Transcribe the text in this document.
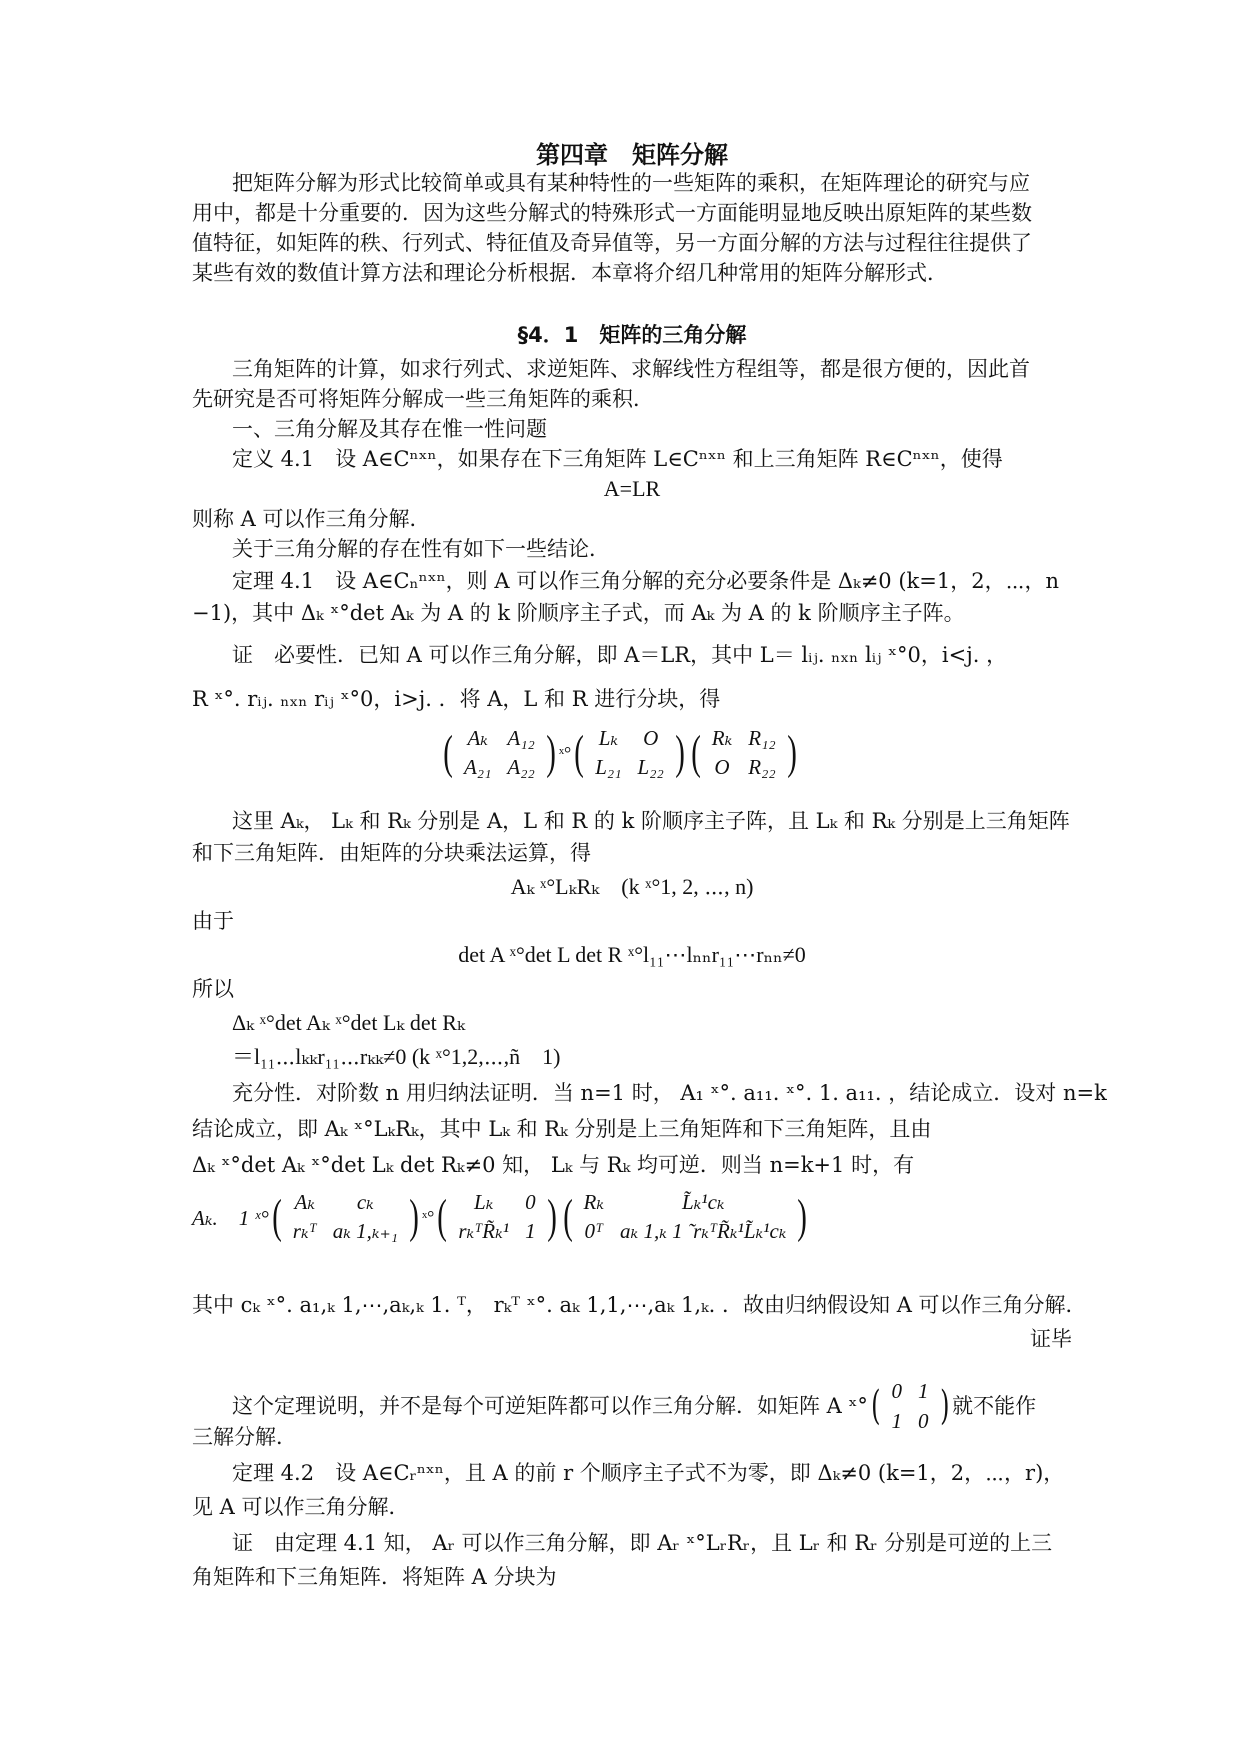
第四章　矩阵分解
把矩阵分解为形式比较简单或具有某种特性的一些矩阵的乘积，在矩阵理论的研究与应
用中，都是十分重要的．因为这些分解式的特殊形式一方面能明显地反映出原矩阵的某些数
值特征，如矩阵的秩、行列式、特征值及奇异值等，另一方面分解的方法与过程往往提供了
某些有效的数值计算方法和理论分析根据．本章将介绍几种常用的矩阵分解形式．
§4．1　矩阵的三角分解
三角矩阵的计算，如求行列式、求逆矩阵、求解线性方程组等，都是很方便的，因此首
先研究是否可将矩阵分解成一些三角矩阵的乘积．
一、三角分解及其存在惟一性问题
定义 4.1　设 A∈Cⁿˣⁿ，如果存在下三角矩阵 L∈Cⁿˣⁿ 和上三角矩阵 R∈Cⁿˣⁿ，使得
A=LR
则称 A 可以作三角分解．
关于三角分解的存在性有如下一些结论．
定理 4.1　设 A∈Cₙⁿˣⁿ，则 A 可以作三角分解的充分必要条件是 Δₖ≠0 (k=1，2，⋯，n
−1)，其中 Δₖ ˣ°det Aₖ 为 A 的 k 阶顺序主子式，而 Aₖ 为 A 的 k 阶顺序主子阵。
证　必要性．已知 A 可以作三角分解，即 A＝LR，其中 L＝ lᵢⱼ. ₙₓₙ lᵢⱼ ˣ°0，i<j. ，
R ˣ°. rᵢⱼ. ₙₓₙ rᵢⱼ ˣ°0，i>j. ．将 A，L 和 R 进行分块，得
( Aₖ	A₁₂
A₂₁	A₂₂ ) ˣ° ( Lₖ	O
L₂₁	L₂₂ ) ( Rₖ	R₁₂
O	R₂₂ )
这里 Aₖ， Lₖ 和 Rₖ 分别是 A，L 和 R 的 k 阶顺序主子阵，且 Lₖ 和 Rₖ 分别是上三角矩阵
和下三角矩阵．由矩阵的分块乘法运算，得
Aₖ ˣ°LₖRₖ　(k ˣ°1, 2, ⋯, n)
由于
det A ˣ°det L det R ˣ°l₁₁⋯lₙₙr₁₁⋯rₙₙ≠0
所以
Δₖ ˣ°det Aₖ ˣ°det Lₖ det Rₖ
＝l₁₁⋯lₖₖr₁₁⋯rₖₖ≠0 (k ˣ°1,2,⋯,ñ　1)
充分性．对阶数 n 用归纳法证明．当 n=1 时， A₁ ˣ°. a₁₁. ˣ°. 1. a₁₁. ，结论成立．设对 n=k
结论成立，即 Aₖ ˣ°LₖRₖ，其中 Lₖ 和 Rₖ 分别是上三角矩阵和下三角矩阵，且由
Δₖ ˣ°det Aₖ ˣ°det Lₖ det Rₖ≠0 知， Lₖ 与 Rₖ 均可逆．则当 n=k+1 时，有
Aₖ.　1 ˣ° ( Aₖ	cₖ
rₖᵀ	aₖ 1,ₖ₊₁ ) ˣ° ( Lₖ	0
rₖᵀR̃ₖ¹	1 ) ( Rₖ	L̃ₖ¹cₖ
0ᵀ	aₖ 1,ₖ 1 ̃ rₖᵀR̃ₖ¹L̃ₖ¹cₖ )
其中 cₖ ˣ°. a₁,ₖ 1,⋯,aₖ,ₖ 1. ᵀ， rₖᵀ ˣ°. aₖ 1,1,⋯,aₖ 1,ₖ. ．故由归纳假设知 A 可以作三角分解．
证毕
这个定理说明，并不是每个可逆矩阵都可以作三角分解．如矩阵 A ˣ° ( 0	1
1	0 ) 就不能作
三解分解．
定理 4.2　设 A∈Cᵣⁿˣⁿ，且 A 的前 r 个顺序主子式不为零，即 Δₖ≠0 (k=1，2，⋯，r)，
见 A 可以作三角分解．
证　由定理 4.1 知， Aᵣ 可以作三角分解，即 Aᵣ ˣ°LᵣRᵣ，且 Lᵣ 和 Rᵣ 分别是可逆的上三
角矩阵和下三角矩阵．将矩阵 A 分块为
